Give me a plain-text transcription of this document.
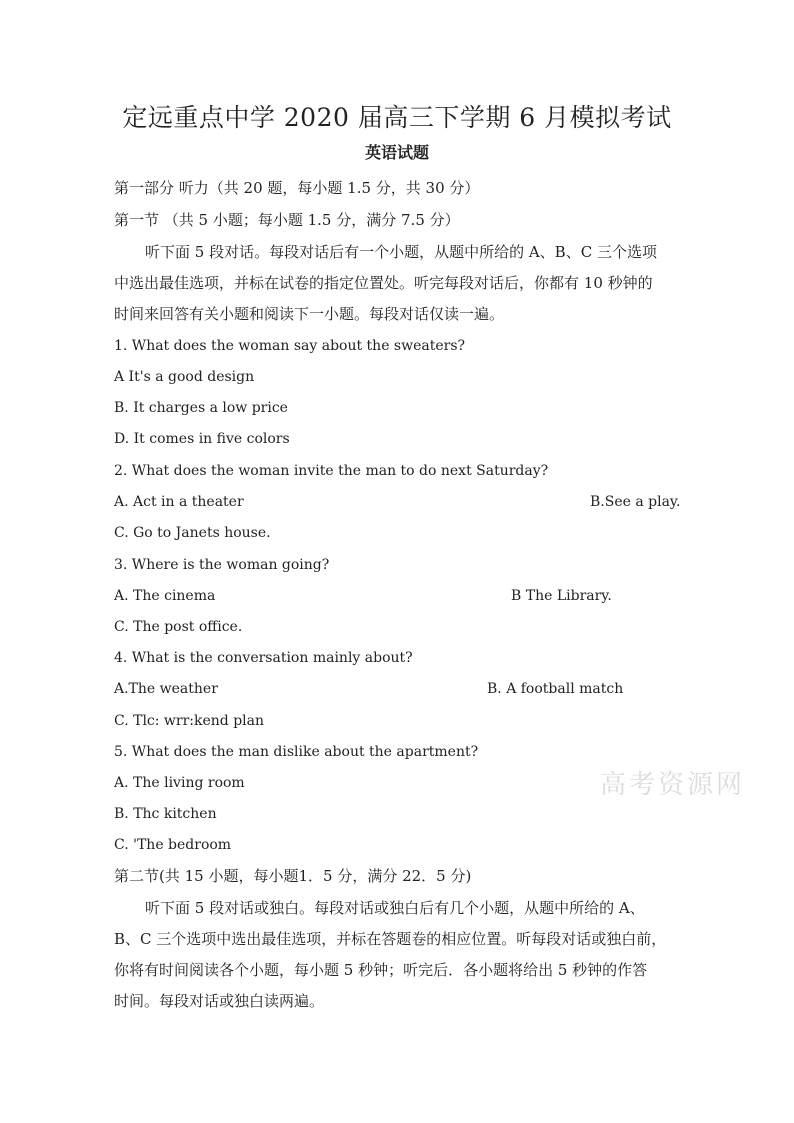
定远重点中学 2020 届高三下学期 6 月模拟考试
英语试题
第一部分 听力（共 20 题，每小题 1.5 分，共 30 分）
第一节 （共 5 小题；每小题 1.5 分，满分 7.5 分）
听下面 5 段对话。每段对话后有一个小题，从题中所给的 A、B、C 三个选项
中选出最佳选项，并标在试卷的指定位置处。听完每段对话后，你都有 10 秒钟的
时间来回答有关小题和阅读下一小题。每段对话仅读一遍。
1. What does the woman say about the sweaters?
A It's a good design
B. It charges a low price
D. It comes in five colors
2. What does the woman invite the man to do next Saturday?
A. Act in a theater	B.See a play.
C. Go to Janets house.
3. Where is the woman going?
A. The cinema	B The Library.
C. The post office.
4. What is the conversation mainly about?
A.The weather	B. A football match
C. Tlc: wrr:kend plan
5. What does the man dislike about the apartment?
A. The living room
B. Thc kitchen
C. 'The bedroom
高考资源网
第二节(共 15 小题，每小题1．5 分，满分 22．5 分)
听下面 5 段对话或独白。每段对话或独白后有几个小题，从题中所给的 A、
B、C 三个选项中选出最佳选项，并标在答题卷的相应位置。听每段对话或独白前，
你将有时间阅读各个小题，每小题 5 秒钟；听完后．各小题将给出 5 秒钟的作答
时间。每段对话或独白读两遍。
